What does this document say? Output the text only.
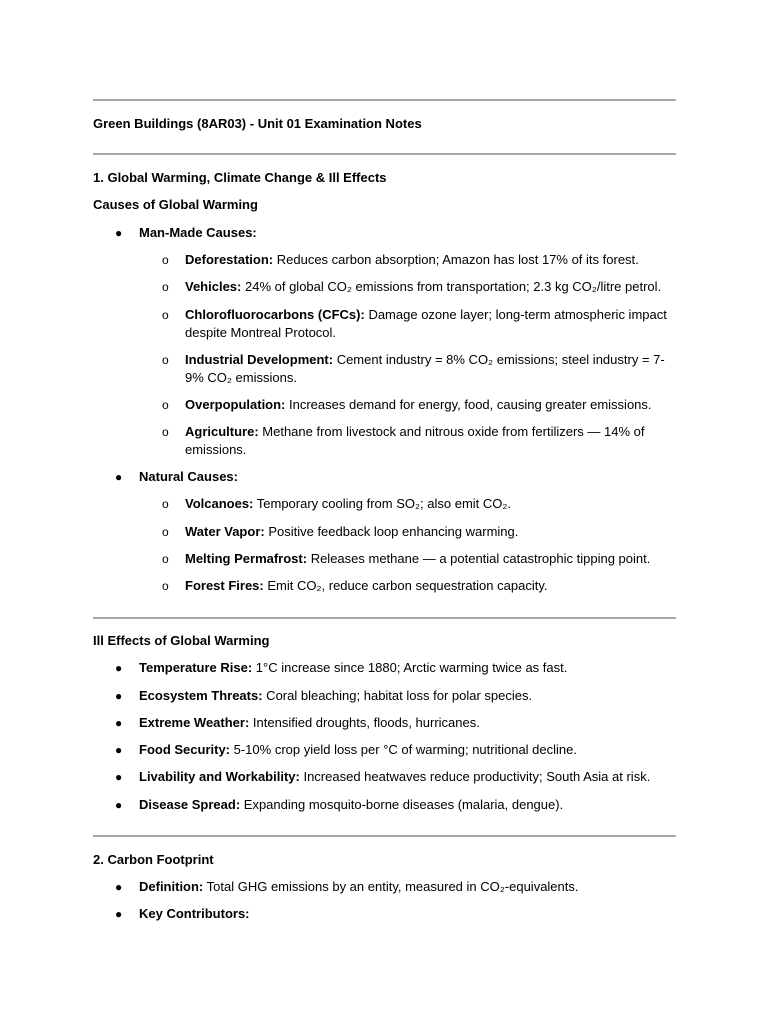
Green Buildings (8AR03) - Unit 01 Examination Notes
1. Global Warming, Climate Change & Ill Effects
Causes of Global Warming
● Man-Made Causes:
o Deforestation: Reduces carbon absorption; Amazon has lost 17% of its forest.
o Vehicles: 24% of global CO₂ emissions from transportation; 2.3 kg CO₂/litre petrol.
o Chlorofluorocarbons (CFCs): Damage ozone layer; long-term atmospheric impact despite Montreal Protocol.
o Industrial Development: Cement industry = 8% CO₂ emissions; steel industry = 7-9% CO₂ emissions.
o Overpopulation: Increases demand for energy, food, causing greater emissions.
o Agriculture: Methane from livestock and nitrous oxide from fertilizers — 14% of emissions.
● Natural Causes:
o Volcanoes: Temporary cooling from SO₂; also emit CO₂.
o Water Vapor: Positive feedback loop enhancing warming.
o Melting Permafrost: Releases methane — a potential catastrophic tipping point.
o Forest Fires: Emit CO₂, reduce carbon sequestration capacity.
Ill Effects of Global Warming
● Temperature Rise: 1°C increase since 1880; Arctic warming twice as fast.
● Ecosystem Threats: Coral bleaching; habitat loss for polar species.
● Extreme Weather: Intensified droughts, floods, hurricanes.
● Food Security: 5-10% crop yield loss per °C of warming; nutritional decline.
● Livability and Workability: Increased heatwaves reduce productivity; South Asia at risk.
● Disease Spread: Expanding mosquito-borne diseases (malaria, dengue).
2. Carbon Footprint
● Definition: Total GHG emissions by an entity, measured in CO₂-equivalents.
● Key Contributors:
